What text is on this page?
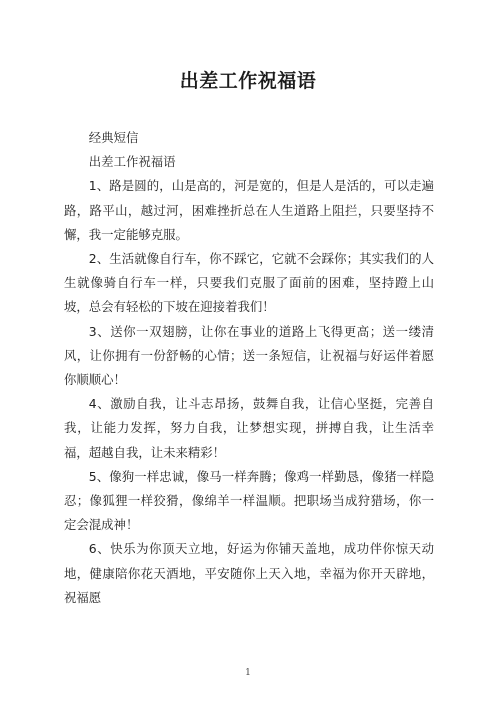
出差工作祝福语

经典短信

出差工作祝福语

1、路是圆的，山是高的，河是宽的，但是人是活的，可以走遍路，路平山，越过河，困难挫折总在人生道路上阻拦，只要坚持不懈，我一定能够克服。

2、生活就像自行车，你不踩它，它就不会踩你；其实我们的人生就像骑自行车一样，只要我们克服了面前的困难，坚持蹬上山坡，总会有轻松的下坡在迎接着我们！

3、送你一双翅膀，让你在事业的道路上飞得更高；送一缕清风，让你拥有一份舒畅的心情；送一条短信，让祝福与好运伴着愿你顺顺心！

4、激励自我，让斗志昂扬，鼓舞自我，让信心坚挺，完善自我，让能力发挥，努力自我，让梦想实现，拼搏自我，让生活幸福，超越自我，让未来精彩！

5、像狗一样忠诚，像马一样奔腾；像鸡一样勤恳，像猪一样隐忍；像狐狸一样狡猾，像绵羊一样温顺。把职场当成狩猎场，你一定会混成神！

6、快乐为你顶天立地，好运为你铺天盖地，成功伴你惊天动地，健康陪你花天酒地，平安随你上天入地，幸福为你开天辟地，祝福愿

1
